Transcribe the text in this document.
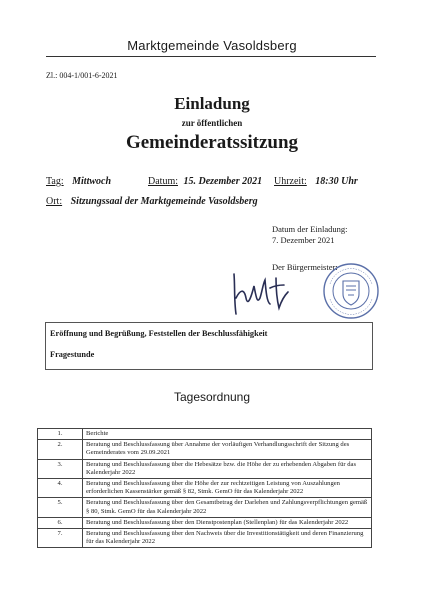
Marktgemeinde Vasoldsberg
Zl.: 004-1/001-6-2021
Einladung
zur öffentlichen
Gemeinderatssitzung
Tag: Mittwoch	Datum: 15. Dezember 2021 Uhrzeit: 18:30 Uhr
Ort: Sitzungssaal der Marktgemeinde Vasoldsberg
Datum der Einladung:
7. Dezember 2021
Der Bürgermeister:
Eröffnung und Begrüßung, Feststellen der Beschlussfähigkeit
Fragestunde
Tagesordnung
1.	Berichte
2.	Beratung und Beschlussfassung über Annahme der vorläufigen Verhandlungsschrift der Sitzung des Gemeinderates vom 29.09.2021
3.	Beratung und Beschlussfassung über die Hebesätze bzw. die Höhe der zu erhebenden Abgaben für das Kalenderjahr 2022
4.	Beratung und Beschlussfassung über die Höhe der zur rechtzeitigen Leistung von Auszahlungen erforderlichen Kassenstärker gemäß § 82, Stmk. GemO für das Kalenderjahr 2022
5.	Beratung und Beschlussfassung über den Gesamtbetrag der Darlehen und Zahlungsverpflichtungen gemäß § 80, Stmk. GemO für das Kalenderjahr 2022
6.	Beratung und Beschlussfassung über den Dienstpostenplan (Stellenplan) für das Kalenderjahr 2022
7.	Beratung und Beschlussfassung über den Nachweis über die Investitionstätigkeit und deren Finanzierung für das Kalenderjahr 2022
